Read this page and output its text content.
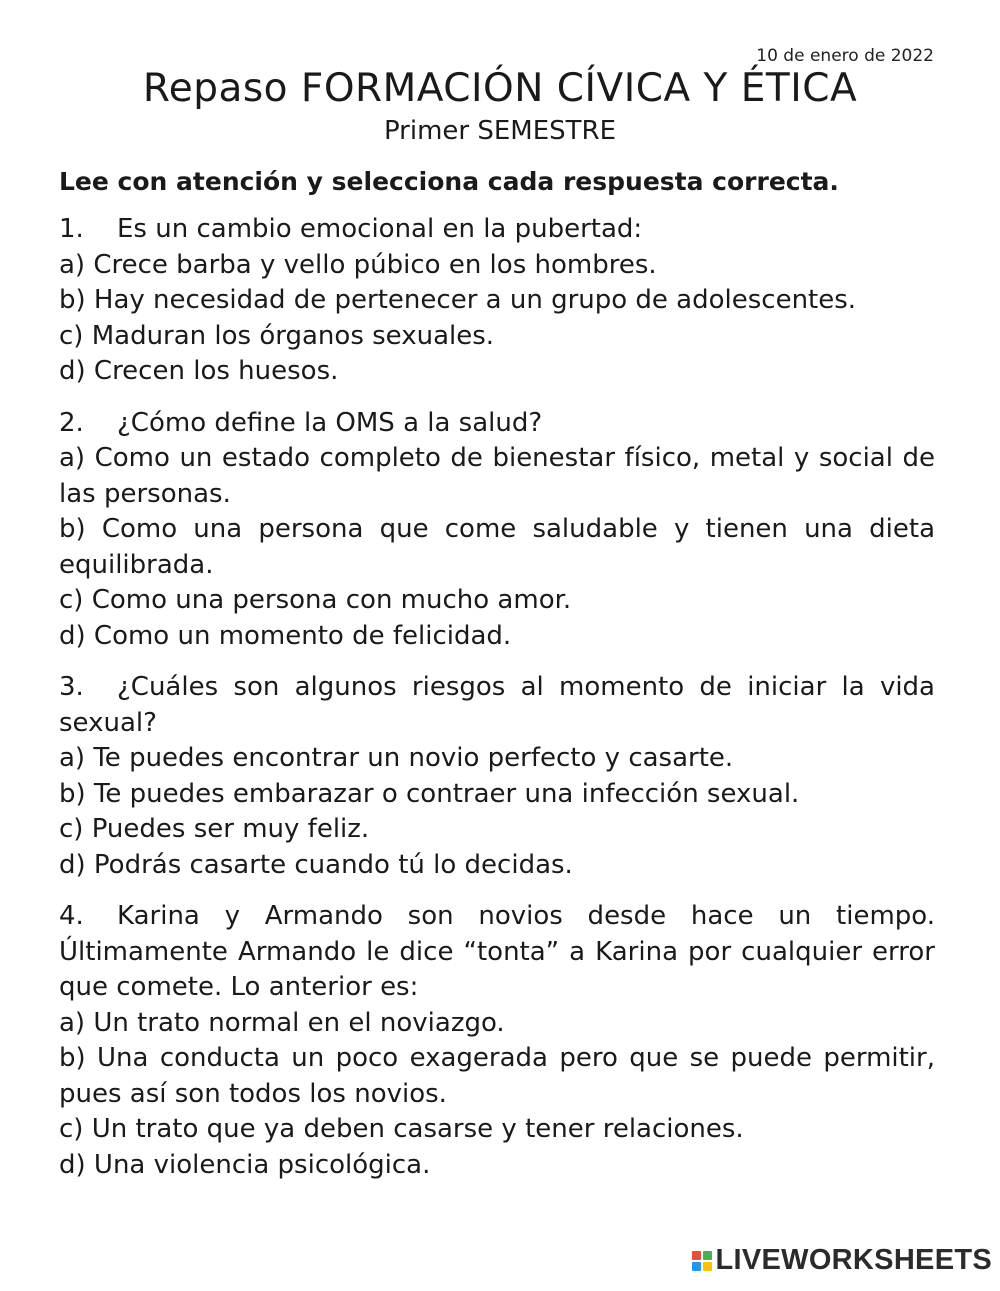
10 de enero de 2022
Repaso FORMACIÓN CÍVICA Y ÉTICA
Primer SEMESTRE
Lee con atención y selecciona cada respuesta correcta.
1. Es un cambio emocional en la pubertad:
a) Crece barba y vello púbico en los hombres.
b) Hay necesidad de pertenecer a un grupo de adolescentes.
c) Maduran los órganos sexuales.
d) Crecen los huesos.
2. ¿Cómo define la OMS a la salud?
a) Como un estado completo de bienestar físico, metal y social de las personas.
b) Como una persona que come saludable y tienen una dieta equilibrada.
c) Como una persona con mucho amor.
d) Como un momento de felicidad.
3. ¿Cuáles son algunos riesgos al momento de iniciar la vida sexual?
a) Te puedes encontrar un novio perfecto y casarte.
b) Te puedes embarazar o contraer una infección sexual.
c) Puedes ser muy feliz.
d) Podrás casarte cuando tú lo decidas.
4. Karina y Armando son novios desde hace un tiempo. Últimamente Armando le dice “tonta” a Karina por cualquier error que comete. Lo anterior es:
a) Un trato normal en el noviazgo.
b) Una conducta un poco exagerada pero que se puede permitir, pues así son todos los novios.
c) Un trato que ya deben casarse y tener relaciones.
d) Una violencia psicológica.
LIVEWORKSHEETS
